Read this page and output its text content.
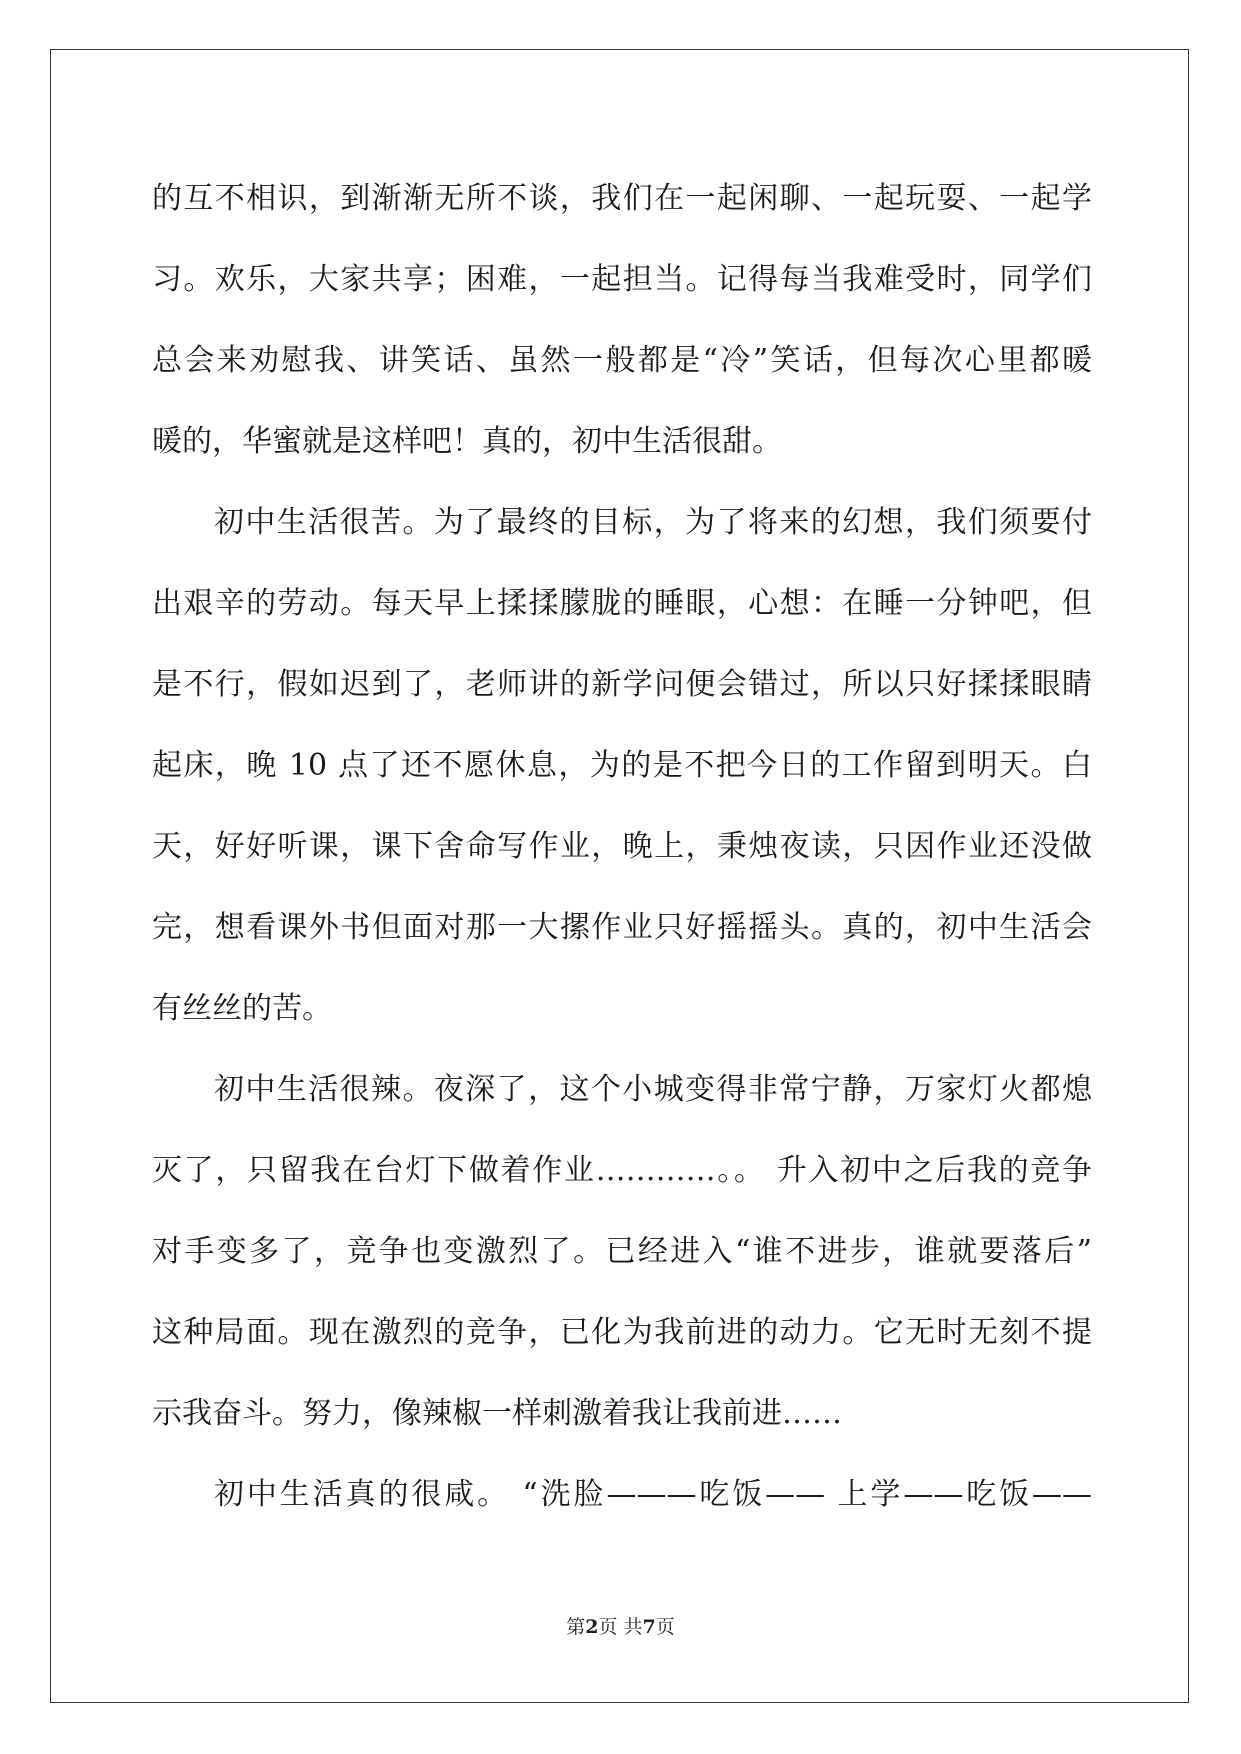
的互不相识，到渐渐无所不谈，我们在一起闲聊、一起玩耍、一起学
习。欢乐，大家共享；困难，一起担当。记得每当我难受时，同学们
总会来劝慰我、讲笑话、虽然一般都是“冷”笑话，但每次心里都暖
暖的，华蜜就是这样吧！真的，初中生活很甜。
初中生活很苦。为了最终的目标，为了将来的幻想，我们须要付
出艰辛的劳动。每天早上揉揉朦胧的睡眼，心想：在睡一分钟吧，但
是不行，假如迟到了，老师讲的新学问便会错过，所以只好揉揉眼睛
起床，晚 10 点了还不愿休息，为的是不把今日的工作留到明天。白
天，好好听课，课下舍命写作业，晚上，秉烛夜读，只因作业还没做
完，想看课外书但面对那一大摞作业只好摇摇头。真的，初中生活会
有丝丝的苦。
初中生活很辣。夜深了，这个小城变得非常宁静，万家灯火都熄
灭了，只留我在台灯下做着作业…………。。 升入初中之后我的竞争
对手变多了，竞争也变激烈了。已经进入“谁不进步，谁就要落后”
这种局面。现在激烈的竞争，已化为我前进的动力。它无时无刻不提
示我奋斗。努力，像辣椒一样刺激着我让我前进……
初中生活真的很咸。 “洗脸———吃饭—— 上学——吃饭——
第2页 共7页
